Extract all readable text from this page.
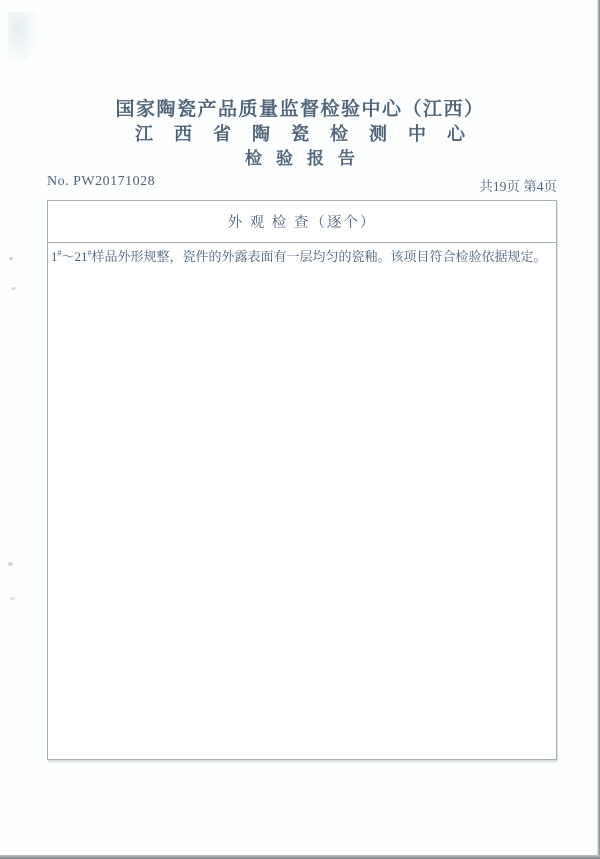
国家陶瓷产品质量监督检验中心（江西）
江西省陶瓷检测中心
检验报告
No. PW20171028	共19页 第4页
外 观 检 查（逐个）
1#～21#样品外形规整，瓷件的外露表面有一层均匀的瓷釉。该项目符合检验依据规定。
